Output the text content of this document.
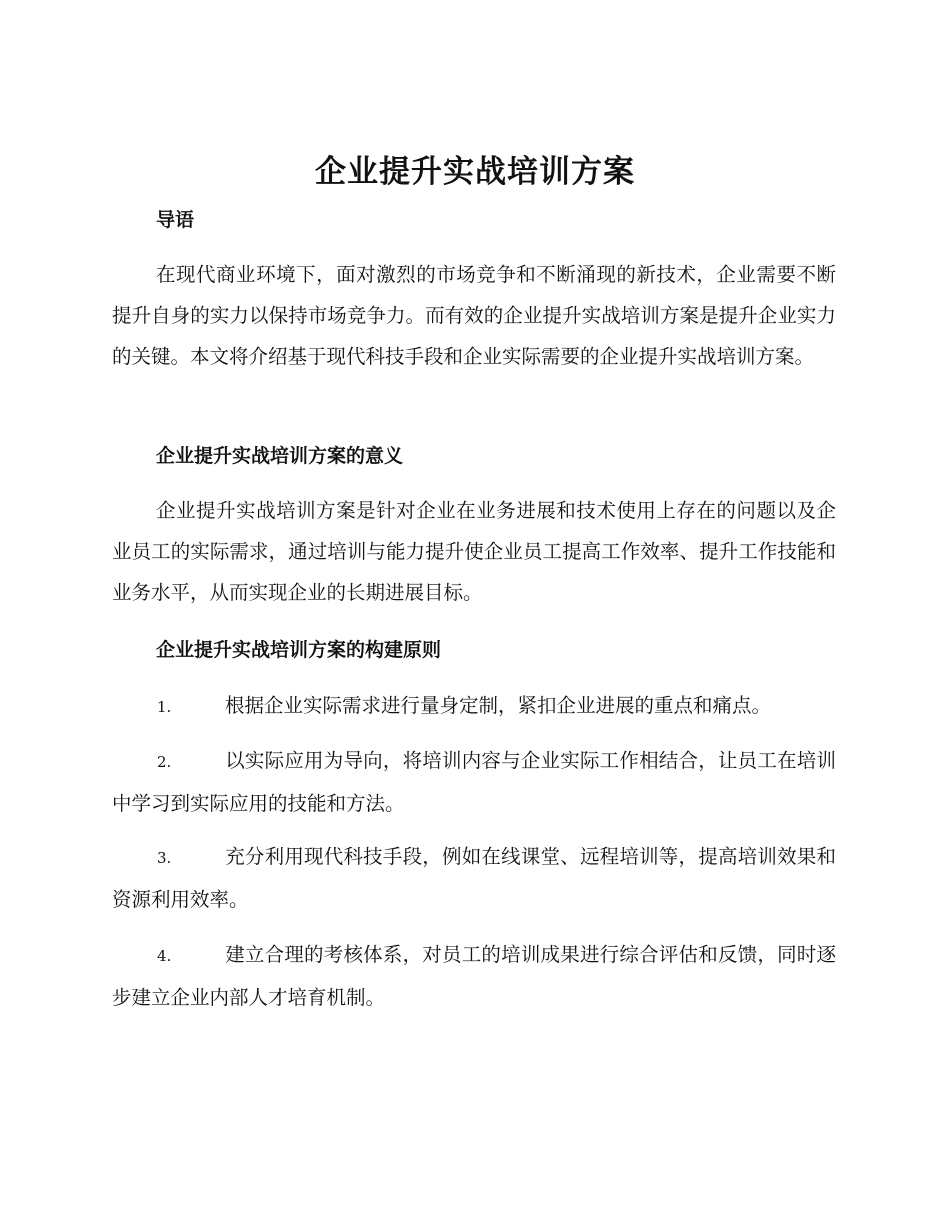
企业提升实战培训方案
导语

在现代商业环境下，面对激烈的市场竞争和不断涌现的新技术，企业需要不断提升自身的实力以保持市场竞争力。而有效的企业提升实战培训方案是提升企业实力的关键。本文将介绍基于现代科技手段和企业实际需要的企业提升实战培训方案。

企业提升实战培训方案的意义

企业提升实战培训方案是针对企业在业务进展和技术使用上存在的问题以及企业员工的实际需求，通过培训与能力提升使企业员工提高工作效率、提升工作技能和业务水平，从而实现企业的长期进展目标。

企业提升实战培训方案的构建原则

1.	根据企业实际需求进行量身定制，紧扣企业进展的重点和痛点。

2.	以实际应用为导向，将培训内容与企业实际工作相结合，让员工在培训中学习到实际应用的技能和方法。

3.	充分利用现代科技手段，例如在线课堂、远程培训等，提高培训效果和资源利用效率。

4.	建立合理的考核体系，对员工的培训成果进行综合评估和反馈，同时逐步建立企业内部人才培育机制。
